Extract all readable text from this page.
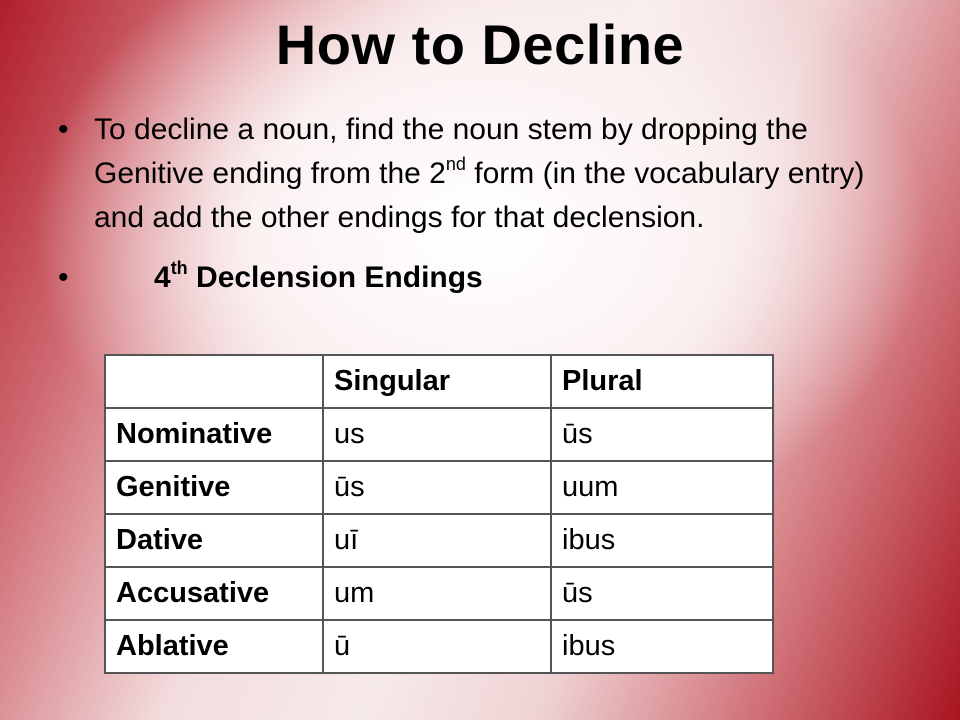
How to Decline
• To decline a noun, find the noun stem by dropping the Genitive ending from the 2nd form (in the vocabulary entry) and add the other endings for that declension.
•	4th Declension Endings
	Singular	Plural
Nominative	us	ūs
Genitive	ūs	uum
Dative	uī	ibus
Accusative	um	ūs
Ablative	ū	ibus
